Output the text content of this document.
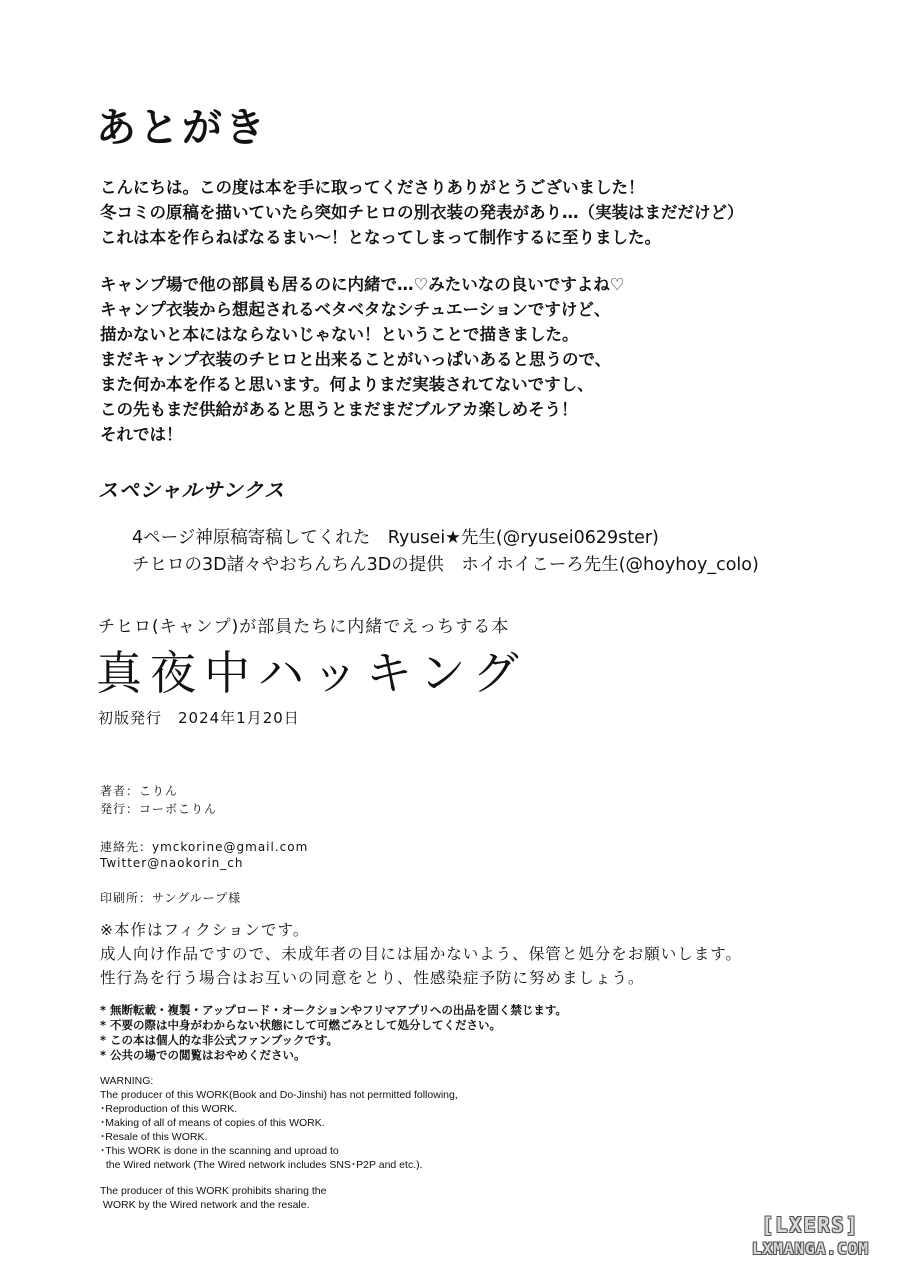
あとがき
こんにちは。この度は本を手に取ってくださりありがとうございました！
冬コミの原稿を描いていたら突如チヒロの別衣装の発表があり…（実装はまだだけど）
これは本を作らねばなるまい～！となってしまって制作するに至りました。
キャンプ場で他の部員も居るのに内緒で…♡みたいなの良いですよね♡
キャンプ衣装から想起されるベタベタなシチュエーションですけど、
描かないと本にはならないじゃない！ということで描きました。
まだキャンプ衣装のチヒロと出来ることがいっぱいあると思うので、
また何か本を作ると思います。何よりまだ実装されてないですし、
この先もまだ供給があると思うとまだまだブルアカ楽しめそう！
それでは！
スペシャルサンクス
4ページ神原稿寄稿してくれた　Ryusei★先生(@ryusei0629ster)
チヒロの3D諸々やおちんちん3Dの提供　ホイホイこーろ先生(@hoyhoy_colo)
チヒロ(キャンプ)が部員たちに内緒でえっちする本
真夜中ハッキング
初版発行　2024年1月20日
著者：こりん
発行：コーボこりん
連絡先：ymckorine@gmail.com
Twitter@naokorin_ch
印刷所：サングループ様
※本作はフィクションです。
成人向け作品ですので、未成年者の目には届かないよう、保管と処分をお願いします。
性行為を行う場合はお互いの同意をとり、性感染症予防に努めましょう。
* 無断転載・複製・アップロード・オークションやフリマアプリへの出品を固く禁じます。
* 不要の際は中身がわからない状態にして可燃ごみとして処分してください。
* この本は個人的な非公式ファンブックです。
* 公共の場での閲覧はおやめください。
WARNING:
The producer of this WORK(Book and Do-Jinshi) has not permitted following,
･Reproduction of this WORK.
･Making of all of means of copies of this WORK.
･Resale of this WORK.
･This WORK is done in the scanning and uproad to
the Wired network (The Wired network includes SNS･P2P and etc.).
The producer of this WORK prohibits sharing the
WORK by the Wired network and the resale.
[LXERS]
LXMANGA.COM
